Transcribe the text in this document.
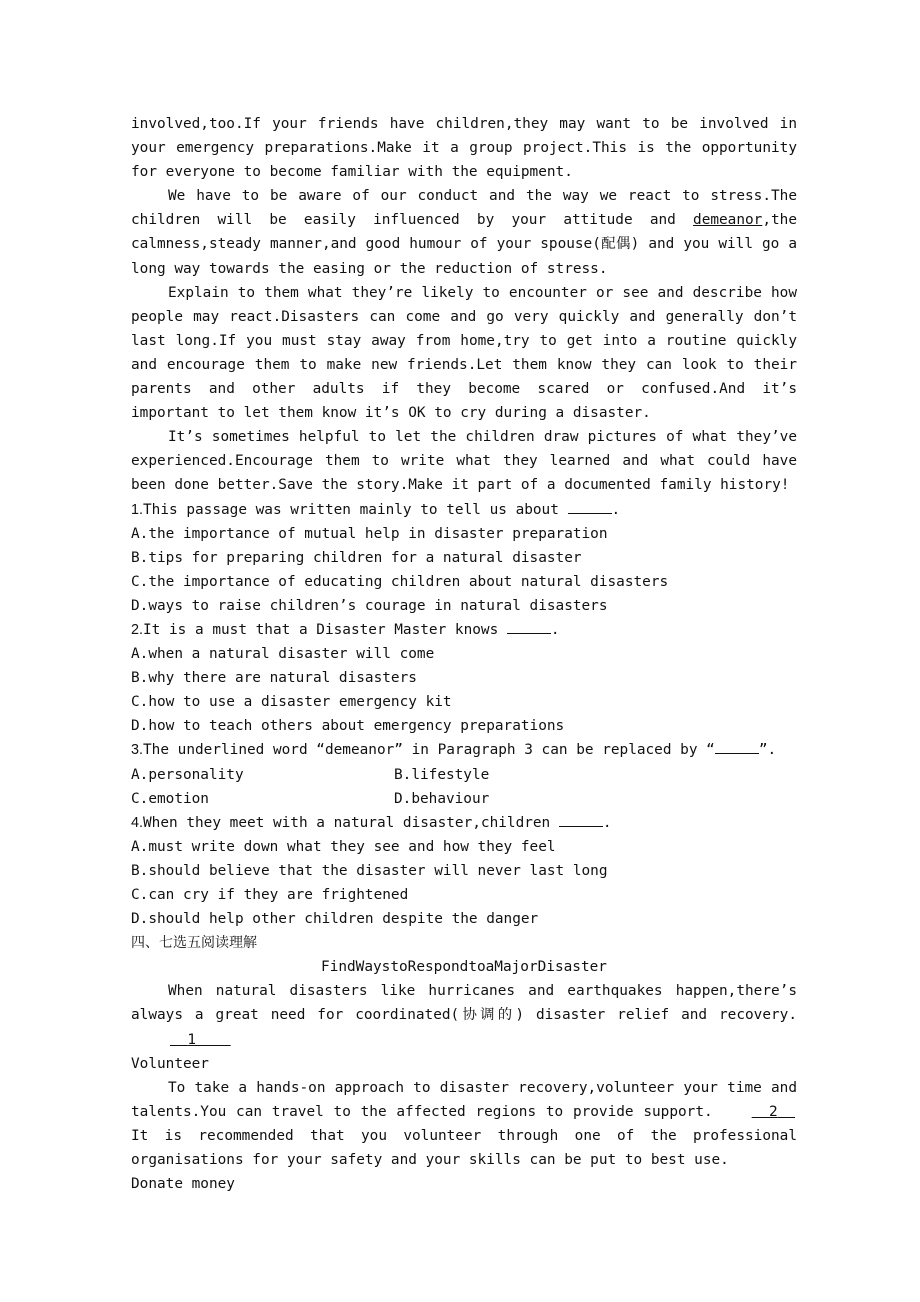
involved,too.If your friends have children,they may want to be involved in your emergency preparations.Make it a group project.This is the opportunity for everyone to become familiar with the equipment.

We have to be aware of our conduct and the way we react to stress.The children will be easily influenced by your attitude and demeanor,the calmness,steady manner,and good humour of your spouse(配偶) and you will go a long way towards the easing or the reduction of stress.

Explain to them what they’re likely to encounter or see and describe how people may react.Disasters can come and go very quickly and generally don’t last long.If you must stay away from home,try to get into a routine quickly and encourage them to make new friends.Let them know they can look to their parents and other adults if they become scared or confused.And it’s important to let them know it’s OK to cry during a disaster.

It’s sometimes helpful to let the children draw pictures of what they’ve experienced.Encourage them to write what they learned and what could have been done better.Save the story.Make it part of a documented family history!

1.This passage was written mainly to tell us about	.

A.the importance of mutual help in disaster preparation

B.tips for preparing children for a natural disaster

C.the importance of educating children about natural disasters

D.ways to raise children’s courage in natural disasters

2.It is a must that a Disaster Master knows	.

A.when a natural disaster will come

B.why there are natural disasters

C.how to use a disaster emergency kit

D.how to teach others about emergency preparations

3.The underlined word “demeanor” in Paragraph 3 can be replaced by “	”.

A.personality	B.lifestyle
C.emotion	D.behaviour

4.When they meet with a natural disaster,children	.

A.must write down what they see and how they feel

B.should believe that the disaster will never last long

C.can cry if they are frightened

D.should help other children despite the danger

四、七选五阅读理解

FindWaystoRespondtoaMajorDisaster

When natural disasters like hurricanes and earthquakes happen,there’s always a great need for coordinated(协调的) disaster relief and recovery.   1

Volunteer

To take a hands-on approach to disaster recovery,volunteer your time and talents.You can travel to the affected regions to provide support.	2  It is recommended that you volunteer through one of the professional organisations for your safety and your skills can be put to best use.

Donate money
